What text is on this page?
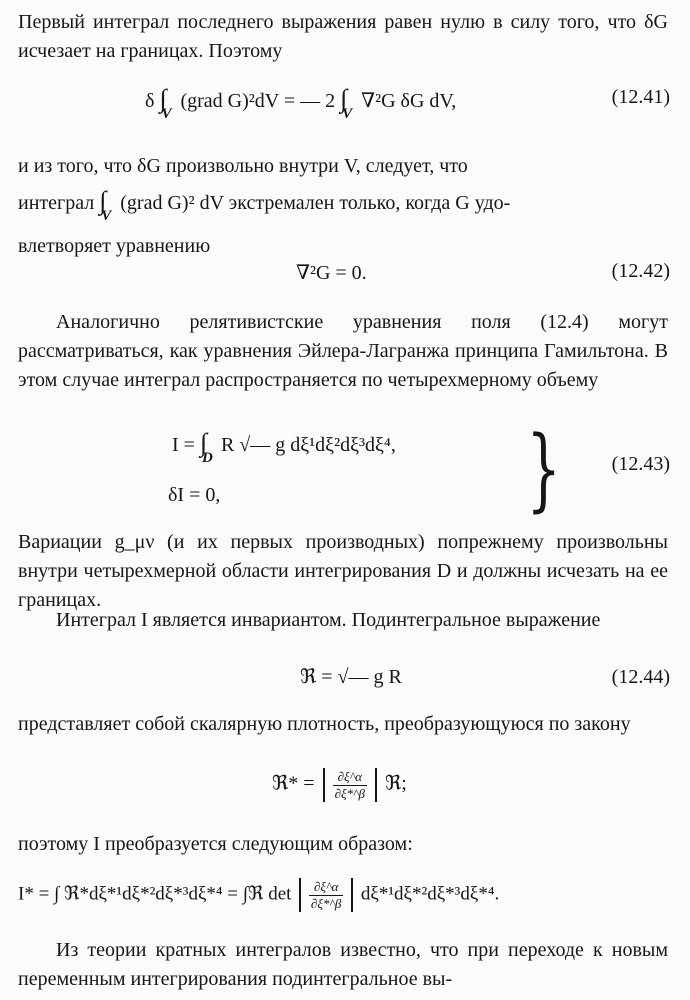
Первый интеграл последнего выражения равен нулю в силу того, что δG исчезает на границах. Поэтому

δ ∫
V
(grad G)²dV = — 2 ∫
V
∇²G δG dV,	(12.41)

и из того, что δG произвольно внутри V, следует, что

интеграл ∫
V
(grad G)² dV экстремален только, когда G удо-

влетворяет уравнению

∇²G = 0.	(12.42)

Аналогично релятивистские уравнения поля (12.4) могут рассматриваться, как уравнения Эйлера-Лагранжа принципа Гамильтона. В этом случае интеграл распространяется по четырехмерному объему

I = ∫
D
R √— g dξ¹dξ²dξ³dξ⁴,
δI = 0,	}	(12.43)

Вариации g_μν (и их первых производных) попрежнему произвольны внутри четырехмерной области интегрирования D и должны исчезать на ее границах.

Интеграл I является инвариантом. Подинтегральное выражение

ℜ = √— g R	(12.44)

представляет собой скалярную плотность, преобразующуюся по закону

ℜ* = $\frac{\partial\xi\^{}\alpha}{\partial\xi*\^{}\beta}$ ℜ;

поэтому I преобразуется следующим образом:

I* = ∫ ℜ*dξ*¹dξ*²dξ*³dξ*⁴ = ∫ℜ $\det \frac{\partial\xi\^{}\alpha}{\partial\xi*\^{}\beta} d\xi*^1d\xi*^2d\xi*^3d\xi*^4$.

Из теории кратных интегралов известно, что при переходе к новым переменным интегрирования подинтегральное вы-
